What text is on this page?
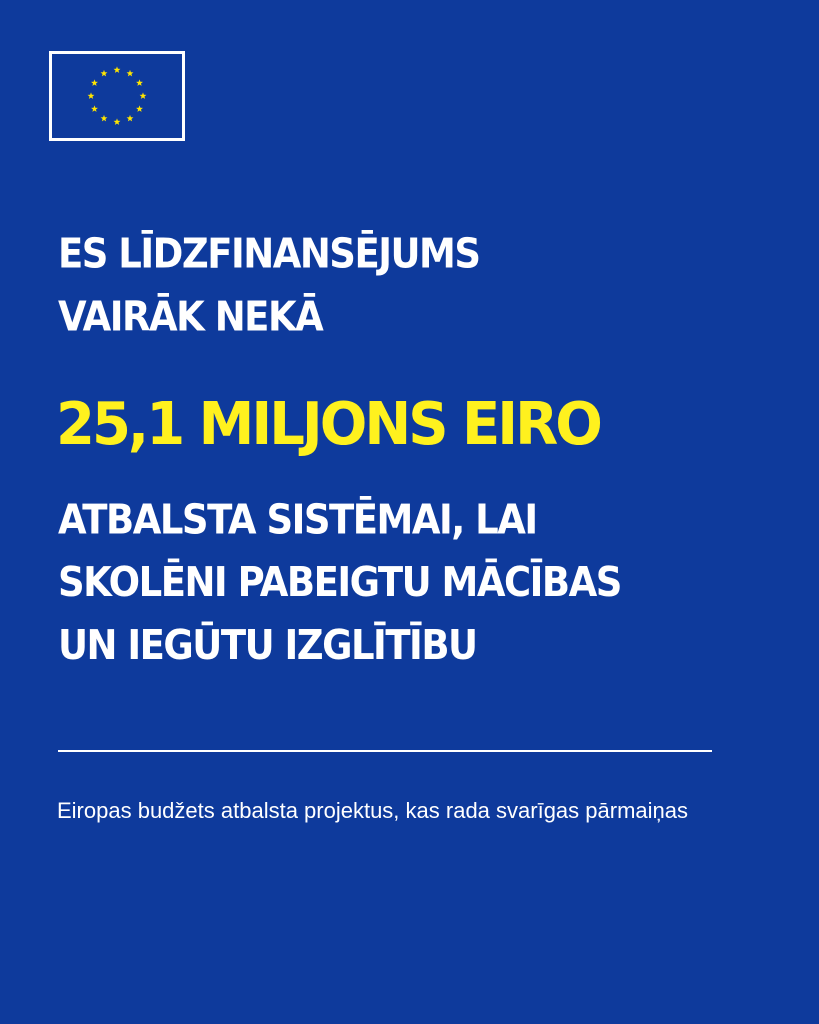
ES LĪDZFINANSĒJUMS
VAIRĀK NEKĀ
25,1 MILJONS EIRO
ATBALSTA SISTĒMAI, LAI
SKOLĒNI PABEIGTU MĀCĪBAS
UN IEGŪTU IZGLĪTĪBU

Eiropas budžets atbalsta projektus, kas rada svarīgas pārmaiņas
